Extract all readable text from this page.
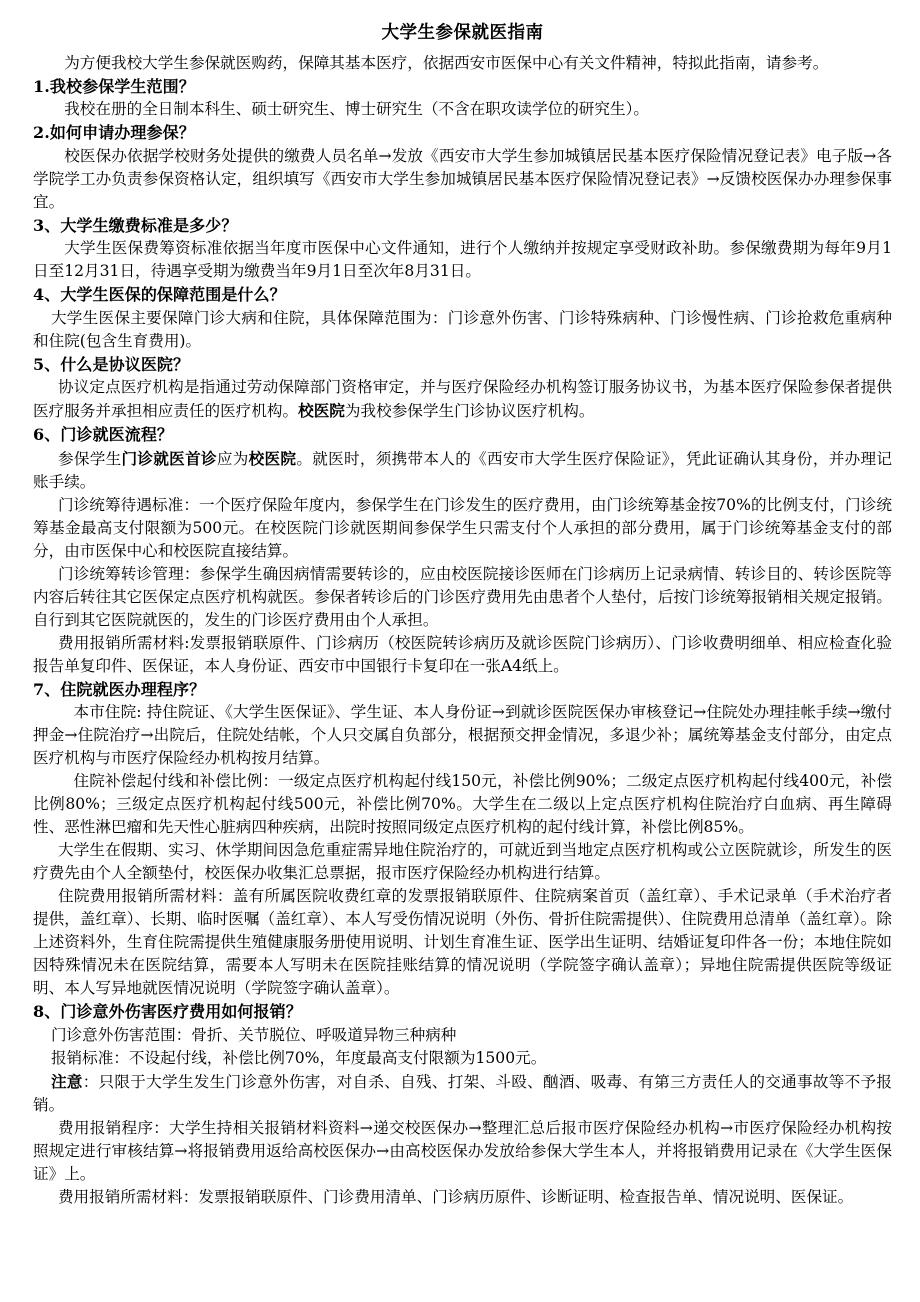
大学生参保就医指南

为方便我校大学生参保就医购药，保障其基本医疗，依据西安市医保中心有关文件精神，特拟此指南，请参考。

1.我校参保学生范围？

我校在册的全日制本科生、硕士研究生、博士研究生（不含在职攻读学位的研究生）。

2.如何申请办理参保？

校医保办依据学校财务处提供的缴费人员名单→发放《西安市大学生参加城镇居民基本医疗保险情况登记表》电子版→各学院学工办负责参保资格认定，组织填写《西安市大学生参加城镇居民基本医疗保险情况登记表》→反馈校医保办办理参保事宜。

3、大学生缴费标准是多少？

大学生医保费筹资标准依据当年度市医保中心文件通知，进行个人缴纳并按规定享受财政补助。参保缴费期为每年9月1日至12月31日，待遇享受期为缴费当年9月1日至次年8月31日。

4、大学生医保的保障范围是什么？

大学生医保主要保障门诊大病和住院，具体保障范围为：门诊意外伤害、门诊特殊病种、门诊慢性病、门诊抢救危重病种和住院(包含生育费用)。

5、什么是协议医院？

协议定点医疗机构是指通过劳动保障部门资格审定，并与医疗保险经办机构签订服务协议书，为基本医疗保险参保者提供医疗服务并承担相应责任的医疗机构。校医院为我校参保学生门诊协议医疗机构。

6、门诊就医流程？

参保学生门诊就医首诊应为校医院。就医时，须携带本人的《西安市大学生医疗保险证》，凭此证确认其身份，并办理记账手续。

门诊统筹待遇标准：一个医疗保险年度内，参保学生在门诊发生的医疗费用，由门诊统筹基金按70%的比例支付，门诊统筹基金最高支付限额为500元。在校医院门诊就医期间参保学生只需支付个人承担的部分费用，属于门诊统筹基金支付的部分，由市医保中心和校医院直接结算。

门诊统筹转诊管理：参保学生确因病情需要转诊的，应由校医院接诊医师在门诊病历上记录病情、转诊目的、转诊医院等内容后转往其它医保定点医疗机构就医。参保者转诊后的门诊医疗费用先由患者个人垫付，后按门诊统筹报销相关规定报销。自行到其它医院就医的，发生的门诊医疗费用由个人承担。

费用报销所需材料:发票报销联原件、门诊病历（校医院转诊病历及就诊医院门诊病历）、门诊收费明细单、相应检查化验报告单复印件、医保证，本人身份证、西安市中国银行卡复印在一张A4纸上。

7、住院就医办理程序？

本市住院: 持住院证、《大学生医保证》、学生证、本人身份证→到就诊医院医保办审核登记→住院处办理挂帐手续→缴付押金→住院治疗→出院后，住院处结帐，个人只交属自负部分，根据预交押金情况，多退少补；属统筹基金支付部分，由定点医疗机构与市医疗保险经办机构按月结算。

住院补偿起付线和补偿比例：一级定点医疗机构起付线150元，补偿比例90%；二级定点医疗机构起付线400元，补偿比例80%；三级定点医疗机构起付线500元，补偿比例70%。大学生在二级以上定点医疗机构住院治疗白血病、再生障碍性、恶性淋巴瘤和先天性心脏病四种疾病，出院时按照同级定点医疗机构的起付线计算，补偿比例85%。

大学生在假期、实习、休学期间因急危重症需异地住院治疗的，可就近到当地定点医疗机构或公立医院就诊，所发生的医疗费先由个人全额垫付，校医保办收集汇总票据，报市医疗保险经办机构进行结算。

住院费用报销所需材料：盖有所属医院收费红章的发票报销联原件、住院病案首页（盖红章）、手术记录单（手术治疗者提供，盖红章）、长期、临时医嘱（盖红章）、本人写受伤情况说明（外伤、骨折住院需提供）、住院费用总清单（盖红章）。除上述资料外，生育住院需提供生殖健康服务册使用说明、计划生育准生证、医学出生证明、结婚证复印件各一份；本地住院如因特殊情况未在医院结算，需要本人写明未在医院挂账结算的情况说明（学院签字确认盖章）；异地住院需提供医院等级证明、本人写异地就医情况说明（学院签字确认盖章）。

8、门诊意外伤害医疗费用如何报销？

门诊意外伤害范围：骨折、关节脱位、呼吸道异物三种病种

报销标准：不设起付线，补偿比例70%，年度最高支付限额为1500元。

注意：只限于大学生发生门诊意外伤害，对自杀、自残、打架、斗殴、酗酒、吸毒、有第三方责任人的交通事故等不予报销。

费用报销程序：大学生持相关报销材料资料→递交校医保办→整理汇总后报市医疗保险经办机构→市医疗保险经办机构按照规定进行审核结算→将报销费用返给高校医保办→由高校医保办发放给参保大学生本人，并将报销费用记录在《大学生医保证》上。

费用报销所需材料：发票报销联原件、门诊费用清单、门诊病历原件、诊断证明、检查报告单、情况说明、医保证。
